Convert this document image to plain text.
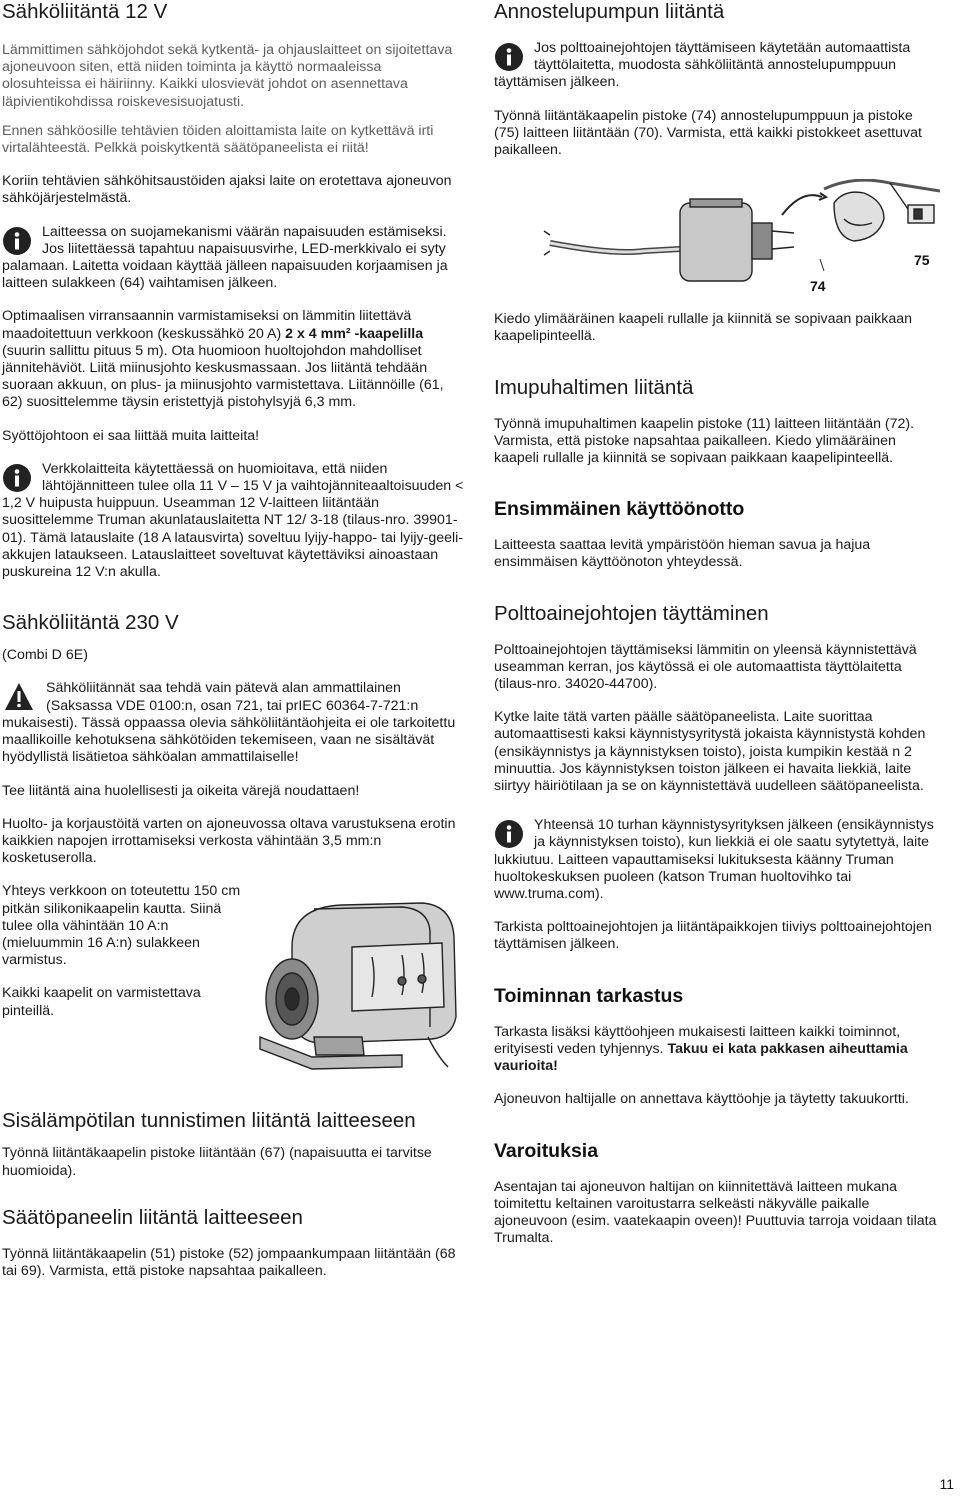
Sähköliitäntä 12 V

Lämmittimen sähköjohdot sekä kytkentä- ja ohjauslaitteet on sijoitettava ajoneuvoon siten, että niiden toiminta ja käyttö normaaleissa olosuhteissa ei häiriinny. Kaikki ulosvievät johdot on asennettava läpivientikohdissa roiskevesisuojatusti.

Ennen sähköosille tehtävien töiden aloittamista laite on kytkettävä irti virtalähteestä. Pelkkä poiskytkentä säätöpaneelista ei riitä!

Koriin tehtävien sähköhitsaustöiden ajaksi laite on erotettava ajoneuvon sähköjärjestelmästä.

Laitteessa on suojamekanismi väärän napaisuuden estämiseksi. Jos liitettäessä tapahtuu napaisuusvirhe, LED-merkkivalo ei syty palamaan. Laitetta voidaan käyttää jälleen napaisuuden korjaamisen ja laitteen sulakkeen (64) vaihtamisen jälkeen.

Optimaalisen virransaannin varmistamiseksi on lämmitin liitettävä maadoitettuun verkkoon (keskussähkö 20 A) 2 x 4 mm² -kaapelilla (suurin sallittu pituus 5 m). Ota huomioon huoltojohdon mahdolliset jännitehäviöt. Liitä miinusjohto keskusmassaan. Jos liitäntä tehdään suoraan akkuun, on plus- ja miinusjohto varmistettava. Liitännöille (61, 62) suosittelemme täysin eristettyjä pistohylsyjä 6,3 mm.

Syöttöjohtoon ei saa liittää muita laitteita!

Verkkolaitteita käytettäessä on huomioitava, että niiden lähtöjännitteen tulee olla 11 V – 15 V ja vaihtojänniteaaltoisuuden < 1,2 V huipusta huippuun. Useamman 12 V-laitteen liitäntään suosittelemme Truman akunlatauslaitetta NT 12/ 3-18 (tilaus-nro. 39901-01). Tämä latauslaite (18 A latausvirta) soveltuu lyijy-happo- tai lyijy-geeli-akkujen lataukseen. Latauslaitteet soveltuvat käytettäviksi ainoastaan puskureina 12 V:n akulla.

Sähköliitäntä 230 V

(Combi D 6E)

Sähköliitännät saa tehdä vain pätevä alan ammattilainen (Saksassa VDE 0100:n, osan 721, tai prIEC 60364-7-721:n mukaisesti). Tässä oppaassa olevia sähköliitäntäohjeita ei ole tarkoitettu maallikoille kehotuksena sähkötöiden tekemiseen, vaan ne sisältävät hyödyllistä lisätietoa sähköalan ammattilaiselle!

Tee liitäntä aina huolellisesti ja oikeita värejä noudattaen!

Huolto- ja korjaustöitä varten on ajoneuvossa oltava varustuksena erotin kaikkien napojen irrottamiseksi verkosta vähintään 3,5 mm:n kosketuserolla.

Yhteys verkkoon on toteutettu 150 cm pitkän silikonikaapelin kautta. Siinä tulee olla vähintään 10 A:n (mieluummin 16 A:n) sulakkeen varmistus.

Kaikki kaapelit on varmistettava pinteillä.

Sisälämpötilan tunnistimen liitäntä laitteeseen

Työnnä liitäntäkaapelin pistoke liitäntään (67) (napaisuutta ei tarvitse huomioida).

Säätöpaneelin liitäntä laitteeseen

Työnnä liitäntäkaapelin (51) pistoke (52) jompaankumpaan liitäntään (68 tai 69). Varmista, että pistoke napsahtaa paikalleen.

Annostelupumpun liitäntä

Jos polttoainejohtojen täyttämiseen käytetään automaattista täyttölaitetta, muodosta sähköliitäntä annostelupumppuun täyttämisen jälkeen.

Työnnä liitäntäkaapelin pistoke (74) annostelupumppuun ja pistoke (75) laitteen liitäntään (70). Varmista, että kaikki pistokkeet asettuvat paikalleen.

74
75

Kiedo ylimääräinen kaapeli rullalle ja kiinnitä se sopivaan paikkaan kaapelipinteellä.

Imupuhaltimen liitäntä

Työnnä imupuhaltimen kaapelin pistoke (11) laitteen liitäntään (72). Varmista, että pistoke napsahtaa paikalleen. Kiedo ylimääräinen kaapeli rullalle ja kiinnitä se sopivaan paikkaan kaapelipinteellä.

Ensimmäinen käyttöönotto

Laitteesta saattaa levitä ympäristöön hieman savua ja hajua ensimmäisen käyttöönoton yhteydessä.

Polttoainejohtojen täyttäminen

Polttoainejohtojen täyttämiseksi lämmitin on yleensä käynnistettävä useamman kerran, jos käytössä ei ole automaattista täyttölaitetta (tilaus-nro. 34020-44700).

Kytke laite tätä varten päälle säätöpaneelista. Laite suorittaa automaattisesti kaksi käynnistysyritystä jokaista käynnistystä kohden (ensikäynnistys ja käynnistyksen toisto), joista kumpikin kestää n 2 minuuttia. Jos käynnistyksen toiston jälkeen ei havaita liekkiä, laite siirtyy häiriötilaan ja se on käynnistettävä uudelleen säätöpaneelista.

Yhteensä 10 turhan käynnistysyrityksen jälkeen (ensikäynnistys ja käynnistyksen toisto), kun liekkiä ei ole saatu sytytettyä, laite lukkiutuu. Laitteen vapauttamiseksi lukituksesta käänny Truman huoltokeskuksen puoleen (katson Truman huoltovihko tai www.truma.com).

Tarkista polttoainejohtojen ja liitäntäpaikkojen tiiviys polttoainejohtojen täyttämisen jälkeen.

Toiminnan tarkastus

Tarkasta lisäksi käyttöohjeen mukaisesti laitteen kaikki toiminnot, erityisesti veden tyhjennys. Takuu ei kata pakkasen aiheuttamia vaurioita!

Ajoneuvon haltijalle on annettava käyttöohje ja täytetty takuukortti.

Varoituksia

Asentajan tai ajoneuvon haltijan on kiinnitettävä laitteen mukana toimitettu keltainen varoitustarra selkeästi näkyvälle paikalle ajoneuvoon (esim. vaatekaapin oveen)! Puuttuvia tarroja voidaan tilata Trumalta.

11
